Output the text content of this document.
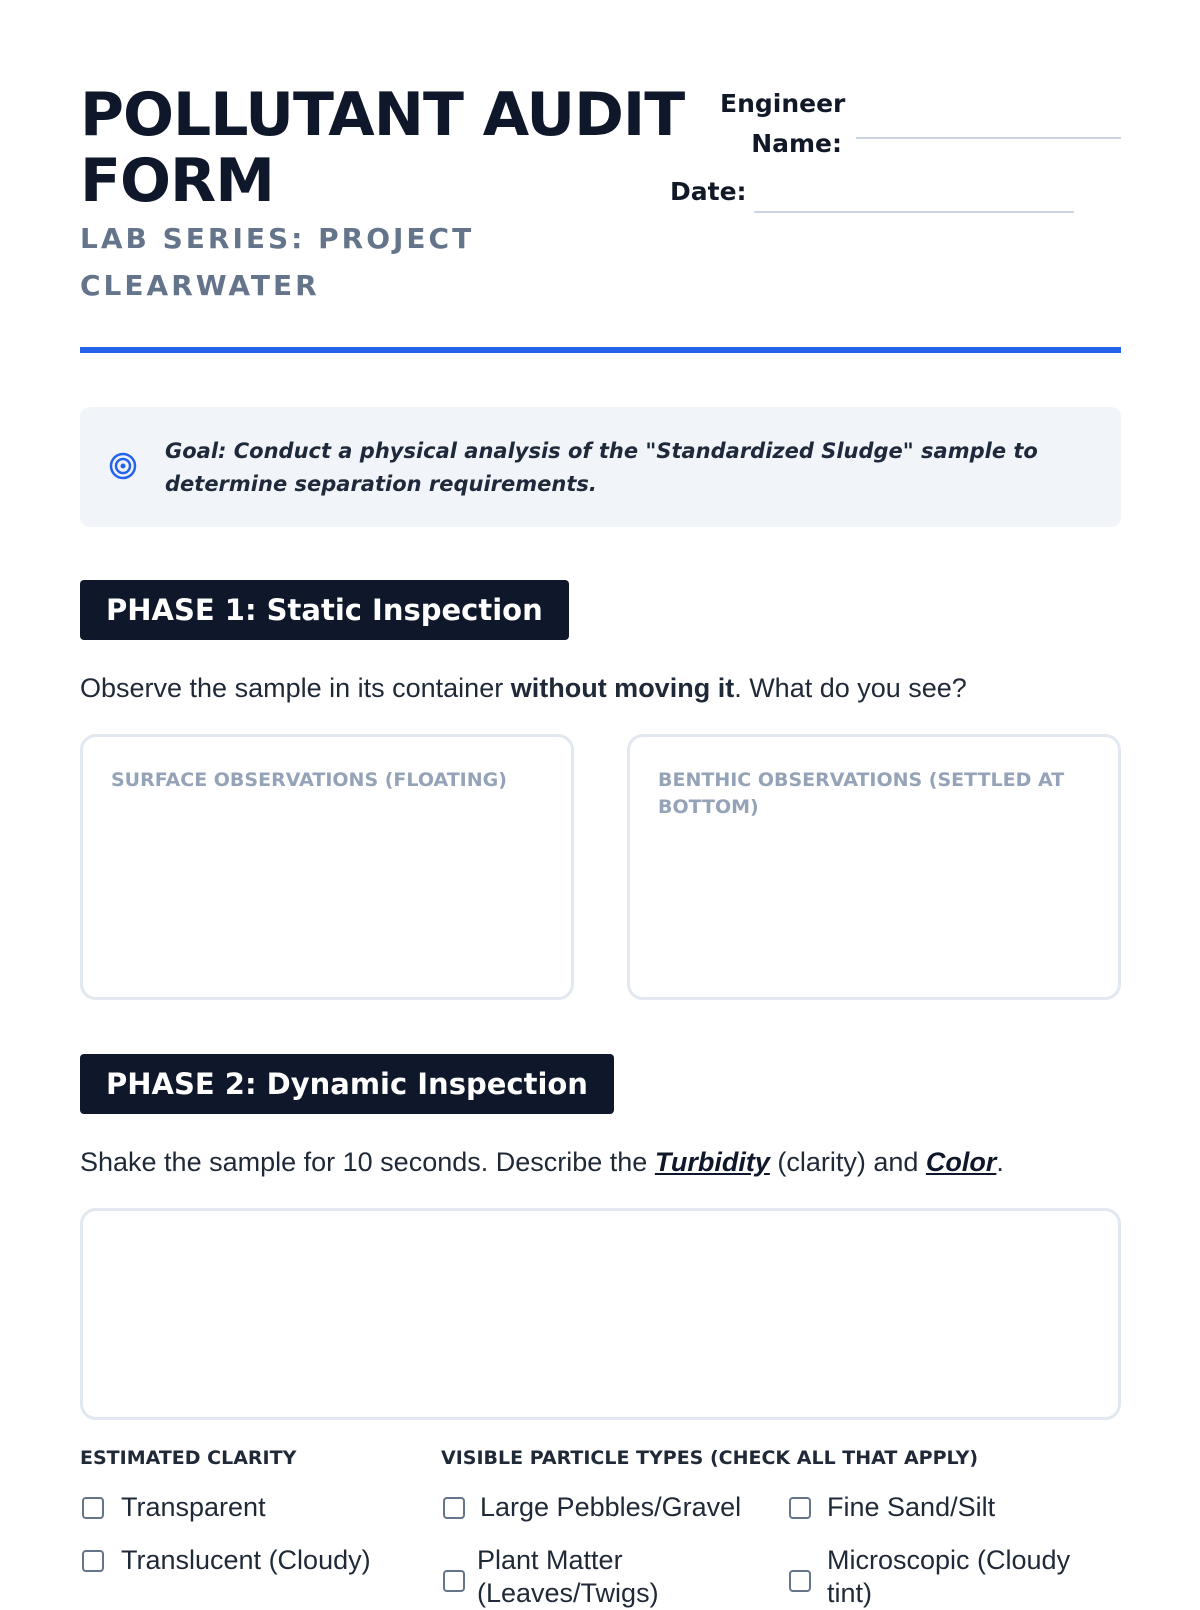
POLLUTANT AUDIT FORM
LAB SERIES: PROJECT CLEARWATER
Engineer Name:
Date:
Goal: Conduct a physical analysis of the "Standardized Sludge" sample to determine separation requirements.
PHASE 1: Static Inspection
Observe the sample in its container without moving it. What do you see?
SURFACE OBSERVATIONS (FLOATING)	BENTHIC OBSERVATIONS (SETTLED AT BOTTOM)
PHASE 2: Dynamic Inspection
Shake the sample for 10 seconds. Describe the Turbidity (clarity) and Color.
ESTIMATED CLARITY	VISIBLE PARTICLE TYPES (CHECK ALL THAT APPLY)
Transparent
Translucent (Cloudy)
Large Pebbles/Gravel	Fine Sand/Silt
Plant Matter (Leaves/Twigs)
Microscopic (Cloudy tint)
